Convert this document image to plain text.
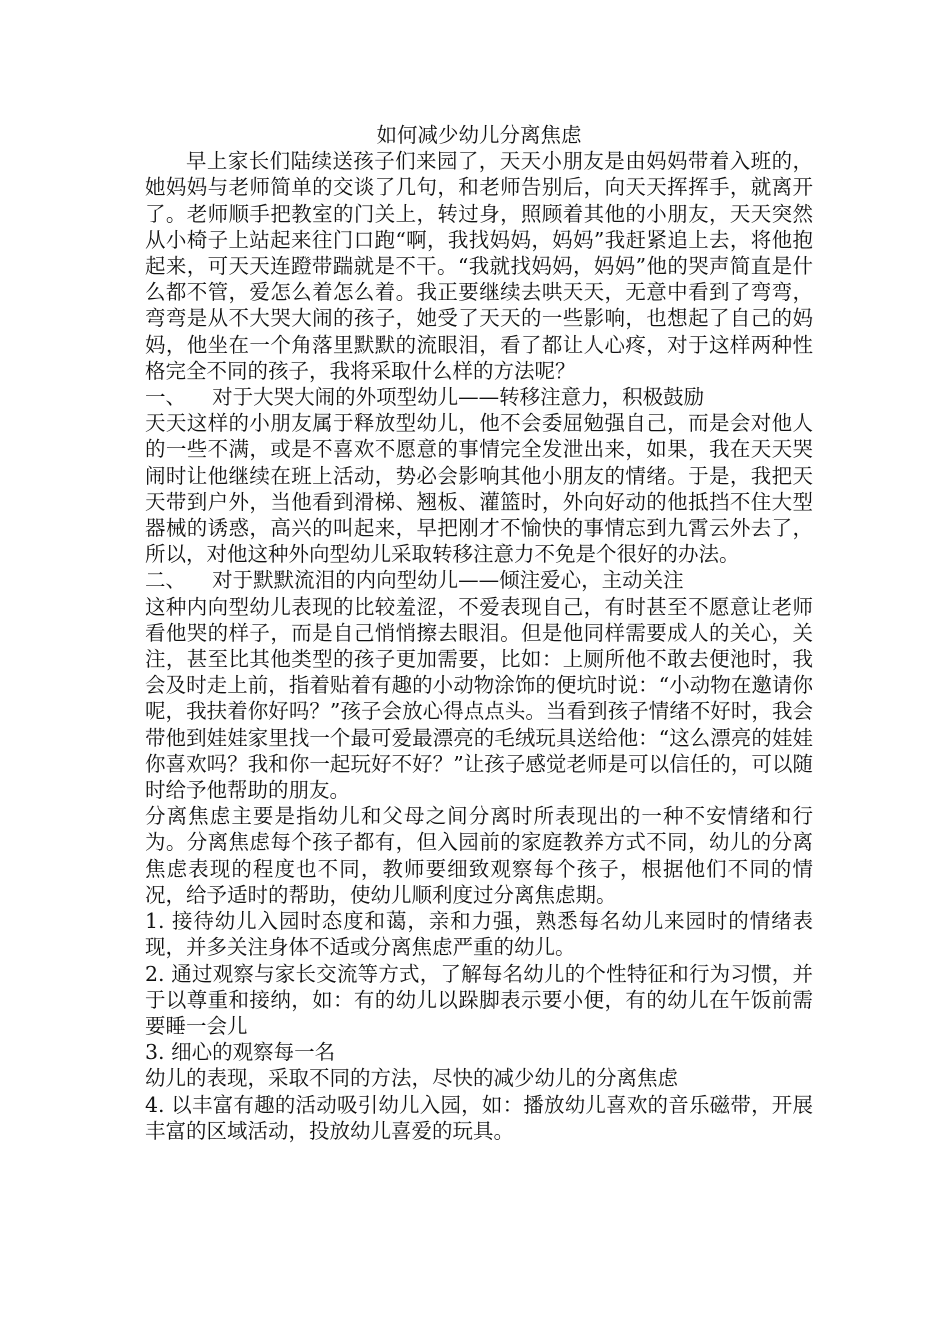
如何减少幼儿分离焦虑

早上家长们陆续送孩子们来园了，天天小朋友是由妈妈带着入班的，她妈妈与老师简单的交谈了几句，和老师告别后，向天天挥挥手，就离开了。老师顺手把教室的门关上，转过身，照顾着其他的小朋友，天天突然从小椅子上站起来往门口跑“啊，我找妈妈，妈妈”我赶紧追上去，将他抱起来，可天天连蹬带踹就是不干。“我就找妈妈，妈妈”他的哭声简直是什么都不管，爱怎么着怎么着。我正要继续去哄天天，无意中看到了弯弯，弯弯是从不大哭大闹的孩子，她受了天天的一些影响，也想起了自己的妈妈，他坐在一个角落里默默的流眼泪，看了都让人心疼，对于这样两种性格完全不同的孩子，我将采取什么样的方法呢？

一、    对于大哭大闹的外项型幼儿——转移注意力，积极鼓励

天天这样的小朋友属于释放型幼儿，他不会委屈勉强自己，而是会对他人的一些不满，或是不喜欢不愿意的事情完全发泄出来，如果，我在天天哭闹时让他继续在班上活动，势必会影响其他小朋友的情绪。于是，我把天天带到户外，当他看到滑梯、翘板、灌篮时，外向好动的他抵挡不住大型器械的诱惑，高兴的叫起来，早把刚才不愉快的事情忘到九霄云外去了，所以，对他这种外向型幼儿采取转移注意力不免是个很好的办法。

二、    对于默默流泪的内向型幼儿——倾注爱心，主动关注

这种内向型幼儿表现的比较羞涩，不爱表现自己，有时甚至不愿意让老师看他哭的样子，而是自己悄悄擦去眼泪。但是他同样需要成人的关心，关注，甚至比其他类型的孩子更加需要，比如：上厕所他不敢去便池时，我会及时走上前，指着贴着有趣的小动物涂饰的便坑时说：“小动物在邀请你呢，我扶着你好吗？”孩子会放心得点点头。当看到孩子情绪不好时，我会带他到娃娃家里找一个最可爱最漂亮的毛绒玩具送给他：“这么漂亮的娃娃你喜欢吗？我和你一起玩好不好？”让孩子感觉老师是可以信任的，可以随时给予他帮助的朋友。

分离焦虑主要是指幼儿和父母之间分离时所表现出的一种不安情绪和行为。分离焦虑每个孩子都有，但入园前的家庭教养方式不同，幼儿的分离焦虑表现的程度也不同，教师要细致观察每个孩子，根据他们不同的情况，给予适时的帮助，使幼儿顺利度过分离焦虑期。

1. 接待幼儿入园时态度和蔼，亲和力强，熟悉每名幼儿来园时的情绪表现，并多关注身体不适或分离焦虑严重的幼儿。

2. 通过观察与家长交流等方式，了解每名幼儿的个性特征和行为习惯，并于以尊重和接纳，如：有的幼儿以跺脚表示要小便，有的幼儿在午饭前需要睡一会儿

3. 细心的观察每一名

幼儿的表现，采取不同的方法，尽快的减少幼儿的分离焦虑

4. 以丰富有趣的活动吸引幼儿入园，如：播放幼儿喜欢的音乐磁带，开展丰富的区域活动，投放幼儿喜爱的玩具。
